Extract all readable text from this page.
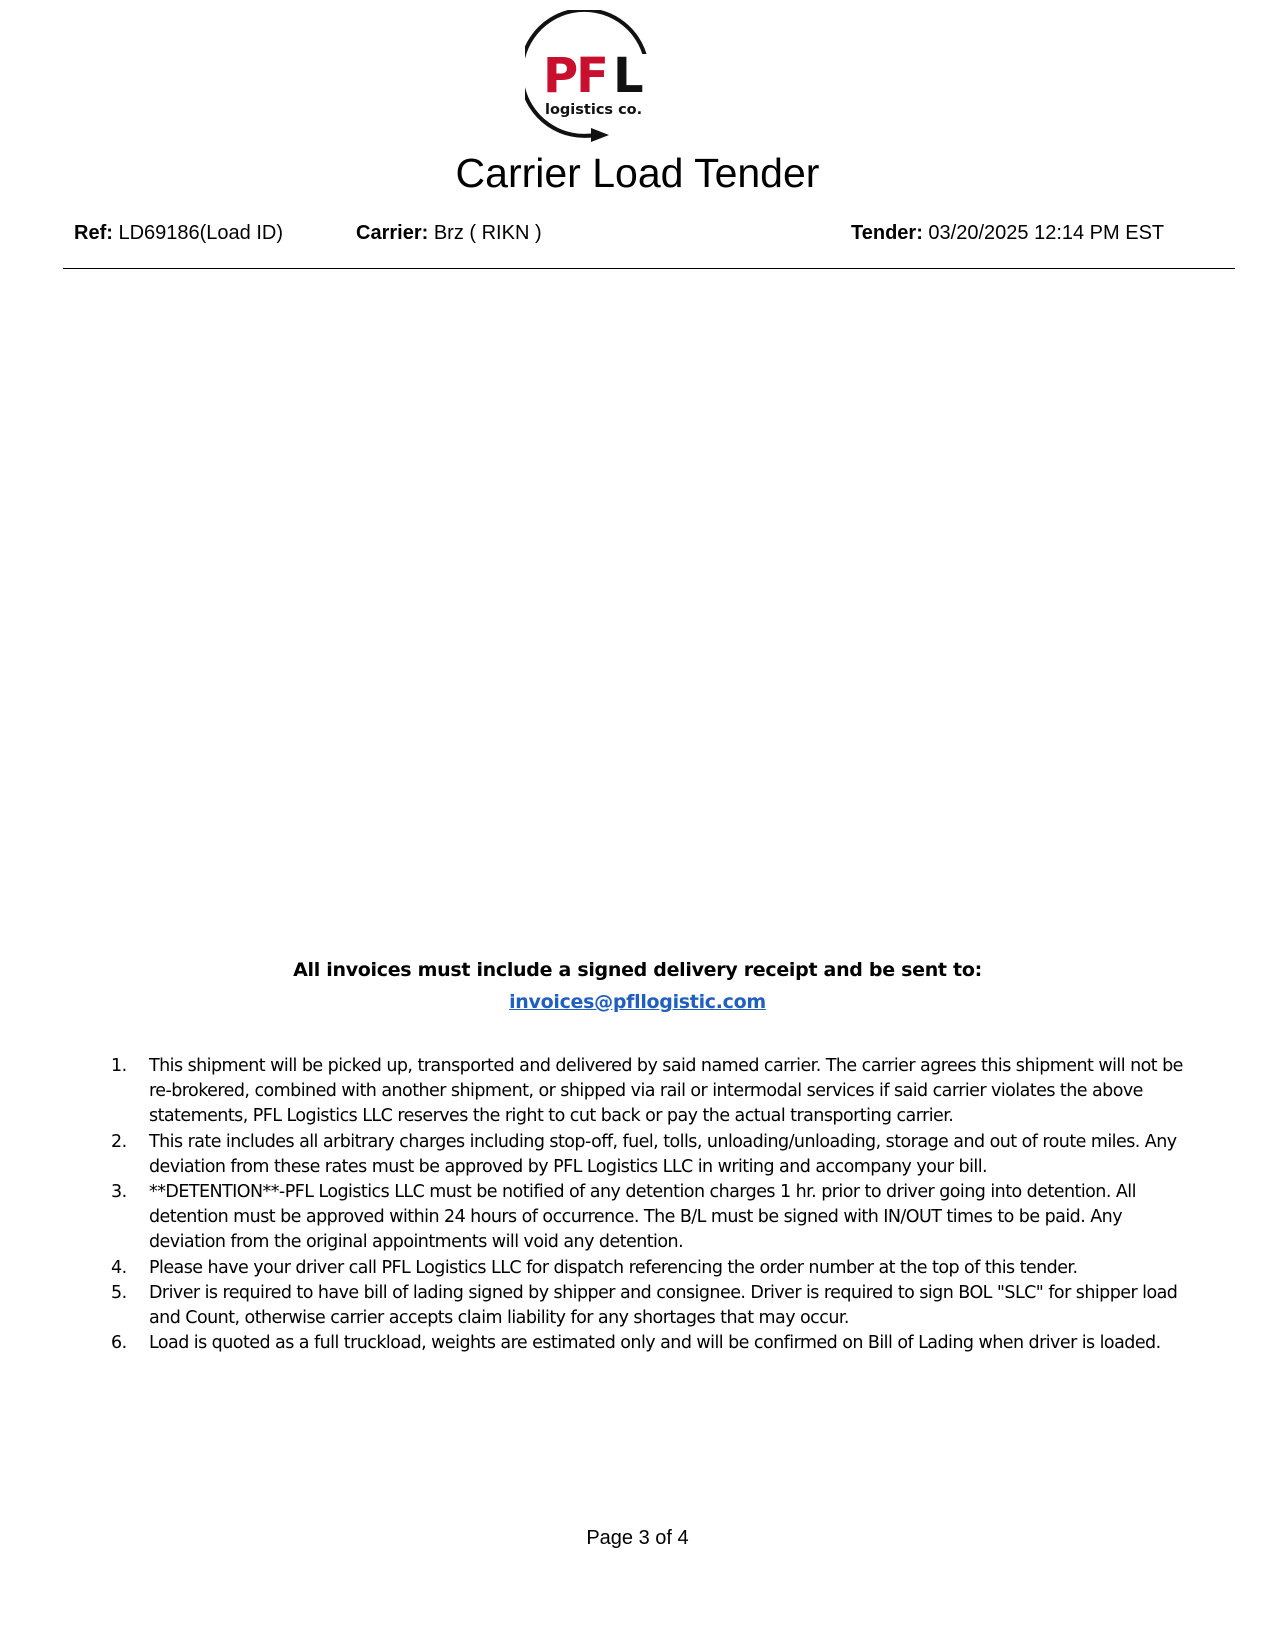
PF L
logistics co.
Carrier Load Tender
Ref: LD69186(Load ID)	Carrier: Brz ( RIKN )	Tender: 03/20/2025 12:14 PM EST
All invoices must include a signed delivery receipt and be sent to:
invoices@pfllogistic.com
1. This shipment will be picked up, transported and delivered by said named carrier. The carrier agrees this shipment will not be re-brokered, combined with another shipment, or shipped via rail or intermodal services if said carrier violates the above statements, PFL Logistics LLC reserves the right to cut back or pay the actual transporting carrier.
2. This rate includes all arbitrary charges including stop-off, fuel, tolls, unloading/unloading, storage and out of route miles. Any deviation from these rates must be approved by PFL Logistics LLC in writing and accompany your bill.
3. **DETENTION**-PFL Logistics LLC must be notified of any detention charges 1 hr. prior to driver going into detention. All detention must be approved within 24 hours of occurrence. The B/L must be signed with IN/OUT times to be paid. Any deviation from the original appointments will void any detention.
4. Please have your driver call PFL Logistics LLC for dispatch referencing the order number at the top of this tender.
5. Driver is required to have bill of lading signed by shipper and consignee. Driver is required to sign BOL "SLC" for shipper load and Count, otherwise carrier accepts claim liability for any shortages that may occur.
6. Load is quoted as a full truckload, weights are estimated only and will be confirmed on Bill of Lading when driver is loaded.
Page 3 of 4
